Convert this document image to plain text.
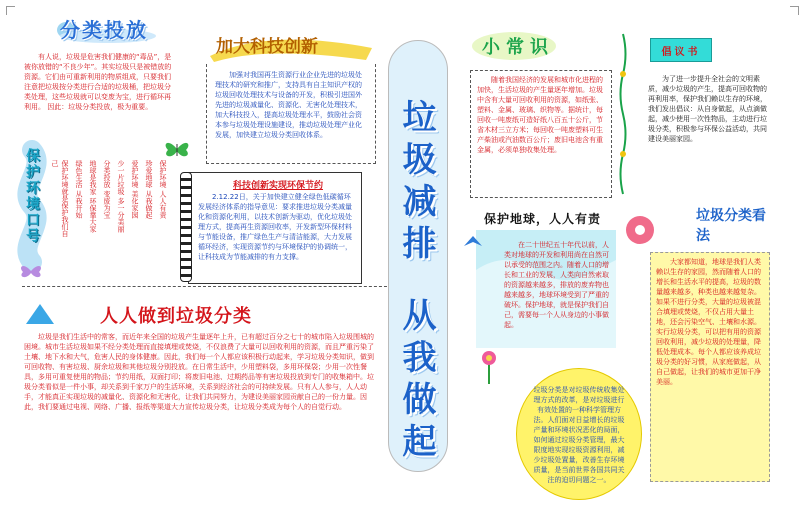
分类投放
有人说，垃圾是危害我们健康的“毒品”，是被你放错的“不良少年”。其实垃圾只是被错放的资源。它们由可重新利用的物质组成，只要我们注意把垃圾按分类进行合适的垃圾桶，把垃圾分类处理，这些垃圾就可以变废为宝，进行循环再利用。 因此：垃圾分类投放，极为重要。
保护环境口号	保护环境 人人有责
珍爱地球 从我做起
爱护环境 美化家园
少一片垃圾 多一分美丽
分类投放 变废为宝
地球是我家 环保靠大家
绿色生活 从我开始
保护环境就是保护我们自己
加大科技创新
加强对我国再生资源行业企业先进的垃圾处理技术的研究和推广，支持具有自主知识产权的垃圾回收处理技术与设备的开发，积极引进国外先进的垃圾减量化、资源化、无害化处理技术，加大科技投入，提高垃圾处理水平，鼓励社会资本参与垃圾处理设施建设，推动垃圾处理产业化发展，加快建立垃圾分类回收体系。
科技创新实现环保节约
2.12.22日，关于加快建立健全绿色低碳循环发展经济体系的指导意见：要求推进垃圾分类减量化和资源化利用，以技术创新为驱动，优化垃圾处理方式，提高再生资源回收率，开发新型环保材料与节能设备，推广绿色生产与清洁能源，大力发展循环经济，实现资源节约与环境保护的协调统一，让科技成为节能减排的有力支撑。	垃圾减排
从我做起
小常识
随着我国经济的发展和城市化进程的加快，生活垃圾的产生量逐年增加。垃圾中含有大量可回收利用的资源，如纸张、塑料、金属、玻璃、织物等。据统计，每回收一吨废纸可造好纸八百五十公斤，节省木材三立方米；每回收一吨废塑料可生产柴油或汽油数百公斤；废旧电池含有重金属，必须单独收集处理。
保护地球，人人有责
在二十世纪五十年代以前，人类对地球的开发和利用尚在自然可以承受的范围之内。随着人口的增长和工业的发展，人类向自然索取的资源越来越多，排放的废弃物也越来越多，地球环境受到了严重的破坏。保护地球，就是保护我们自己，需要每一个人从身边的小事做起。
垃圾分类是对垃圾传统收集处理方式的改革，是对垃圾进行有效处置的一种科学管理方法。人们面对日益增长的垃圾产量和环境状况恶化的局面，如何通过垃圾分类管理，最大限度地实现垃圾资源利用，减少垃圾处置量，改善生存环境质量，是当前世界各国共同关注的迫切问题之一。
倡议书
为了进一步提升全社会的文明素质，减少垃圾的产生，提高可回收物的再利用率，保护我们赖以生存的环境，我们发出倡议：从自身做起，从点滴做起，减少使用一次性物品，主动进行垃圾分类，积极参与环保公益活动，共同建设美丽家园。
垃圾分类看法
大家都知道，地球是我们人类赖以生存的家园，然而随着人口的增长和生活水平的提高，垃圾的数量越来越多，种类也越来越复杂。如果不进行分类，大量的垃圾被混合填埋或焚烧，不仅占用大量土地，还会污染空气、土壤和水源。实行垃圾分类，可以把有用的资源回收利用，减少垃圾的处理量，降低处理成本。每个人都应该养成垃圾分类的好习惯，从家庭做起，从自己做起，让我们的城市更加干净美丽。
人人做到垃圾分类
垃圾是我们生活中的常客，而近年来全国的垃圾产生量逐年上升，已有超过百分之七十的城市陷入垃圾围城的困境。城市生活垃圾如果不经分类处理而直接填埋或焚烧，不仅浪费了大量可以回收利用的资源，而且严重污染了土壤、地下水和大气，危害人民的身体健康。因此，我们每一个人都应该积极行动起来，学习垃圾分类知识，做到可回收物、有害垃圾、厨余垃圾和其他垃圾分别投放。在日常生活中，少用塑料袋，多用环保袋；少用一次性餐具，多用可重复使用的物品；节约用纸，双面打印；将废旧电池、过期药品等有害垃圾投放到专门的收集箱中。垃圾分类看似是一件小事，却关系到千家万户的生活环境，关系到经济社会的可持续发展。只有人人参与，人人动手，才能真正实现垃圾的减量化、资源化和无害化，让我们共同努力，为建设美丽家园贡献自己的一份力量。因此，我们要通过电视、网络、广播、报纸等渠道大力宣传垃圾分类，让垃圾分类成为每个人的自觉行动。
